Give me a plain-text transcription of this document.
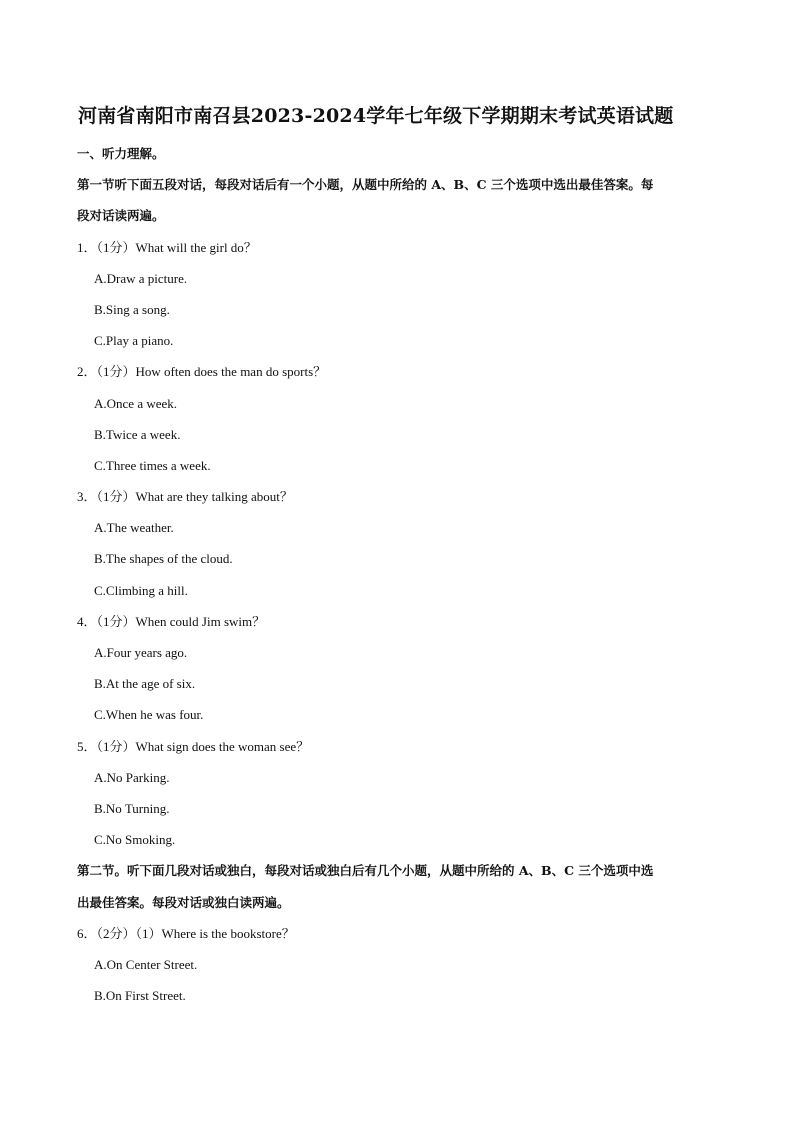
河南省南阳市南召县2023-2024学年七年级下学期期末考试英语试题
一、听力理解。
第一节听下面五段对话，每段对话后有一个小题，从题中所给的 A、B、C 三个选项中选出最佳答案。每
段对话读两遍。
1．（1分）What will the girl do？
A.Draw a picture.
B.Sing a song.
C.Play a piano.
2．（1分）How often does the man do sports？
A.Once a week.
B.Twice a week.
C.Three times a week.
3．（1分）What are they talking about？
A.The weather.
B.The shapes of the cloud.
C.Climbing a hill.
4．（1分）When could Jim swim？
A.Four years ago.
B.At the age of six.
C.When he was four.
5．（1分）What sign does the woman see？
A.No Parking.
B.No Turning.
C.No Smoking.
第二节。听下面几段对话或独白，每段对话或独白后有几个小题，从题中所给的 A、B、C 三个选项中选
出最佳答案。每段对话或独白读两遍。
6．（2分）（1）Where is the bookstore？
A.On Center Street.
B.On First Street.
